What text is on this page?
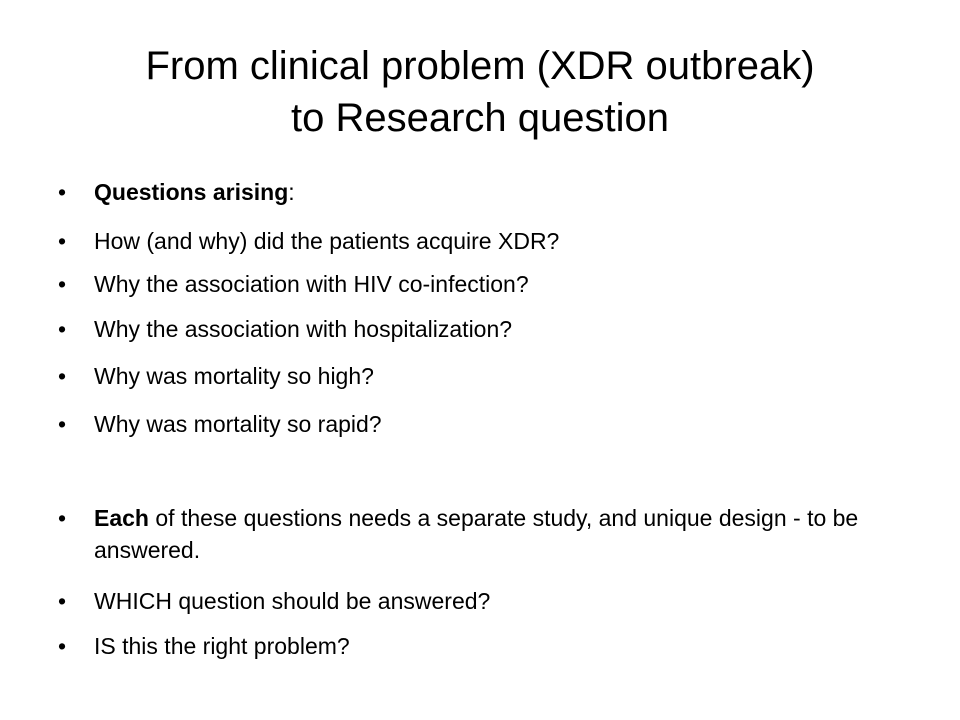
From clinical problem (XDR outbreak)
to Research question
•	Questions arising:
•	How (and why) did the patients acquire XDR?
•	Why the association with HIV co-infection?
•	Why the association with hospitalization?
•	Why was mortality so high?
•	Why was mortality so rapid?
•	Each of these questions needs a separate study, and unique design - to be answered.
•	WHICH question should be answered?
•	IS this the right problem?
